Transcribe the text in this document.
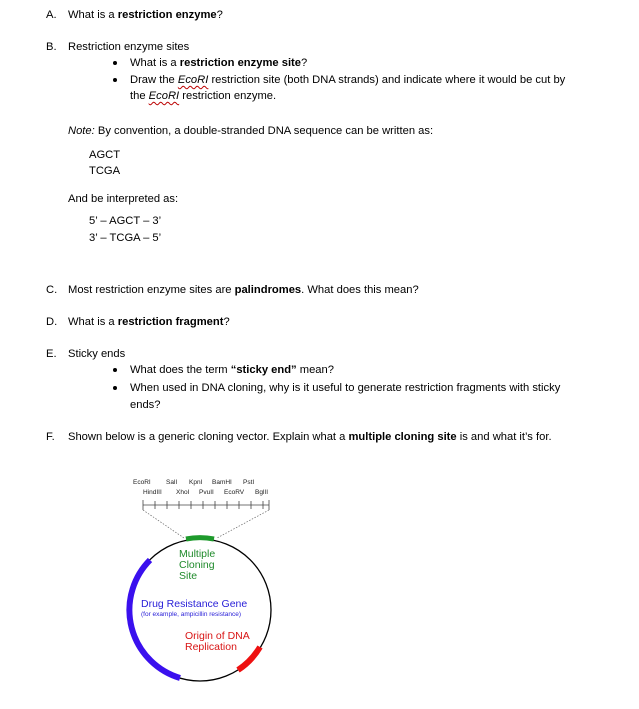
A. What is a restriction enzyme?
B. Restriction enzyme sites
What is a restriction enzyme site?
Draw the EcoRI restriction site (both DNA strands) and indicate where it would be cut by
the EcoRI restriction enzyme.
Note: By convention, a double-stranded DNA sequence can be written as:
AGCT
TCGA
And be interpreted as:
5’ – AGCT – 3’
3’ – TCGA – 5’
C. Most restriction enzyme sites are palindromes. What does this mean?
D. What is a restriction fragment?
E. Sticky ends
What does the term “sticky end” mean?
When used in DNA cloning, why is it useful to generate restriction fragments with sticky
ends?
F. Shown below is a generic cloning vector. Explain what a multiple cloning site is and what it’s for.
EcoRI SalI KpnI BamHI PstI
HindIII XhoI PvuII EcoRV BglII
Multiple
Cloning
Site
Drug Resistance Gene
(for example, ampicillin resistance)
Origin of DNA
Replication
